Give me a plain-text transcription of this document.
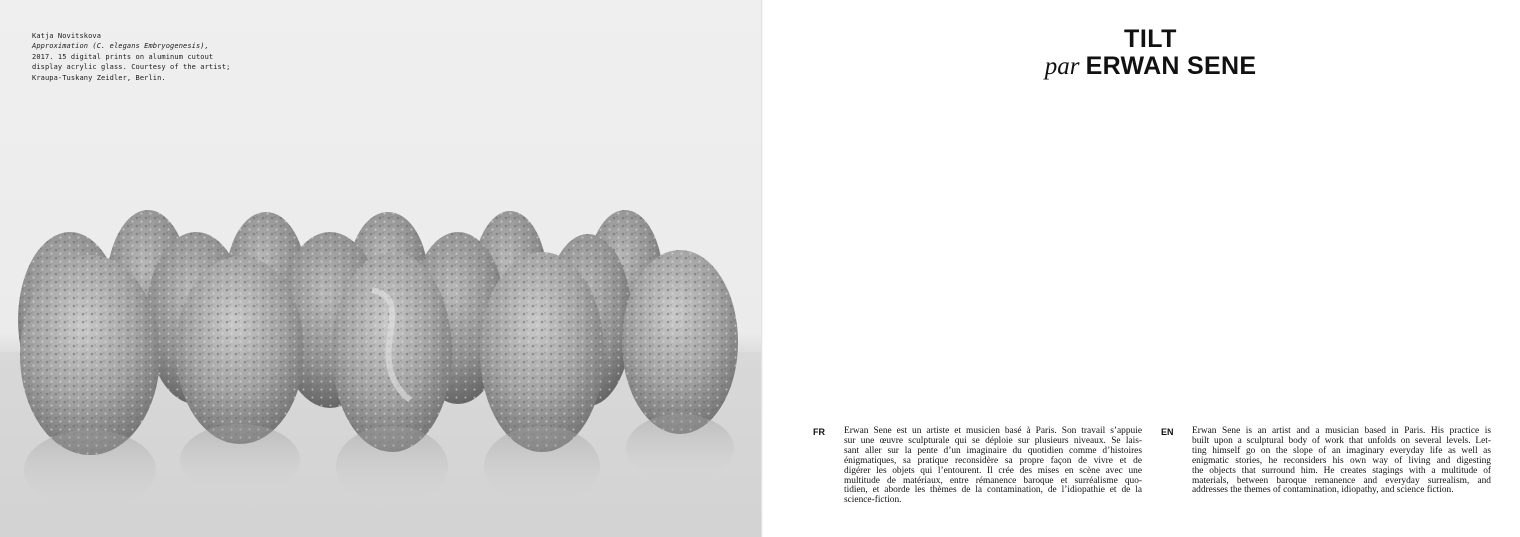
Katja Novitskova
Approximation (C. elegans Embryogenesis),
2017. 15 digital prints on aluminum cutout
display acrylic glass. Courtesy of the artist;
Kraupa-Tuskany Zeidler, Berlin.
TILT
par ERWAN SENE
FR Erwan Sene est un artiste et musicien basé à Paris. Son travail s’appuie
sur une œuvre sculpturale qui se déploie sur plusieurs niveaux. Se lais-
sant aller sur la pente d’un imaginaire du quotidien comme d’histoires
énigmatiques, sa pratique reconsidère sa propre façon de vivre et de
digérer les objets qui l’entourent. Il crée des mises en scène avec une
multitude de matériaux, entre rémanence baroque et surréalisme quo-
tidien, et aborde les thèmes de la contamination, de l’idiopathie et de la
science-fiction.
EN Erwan Sene is an artist and a musician based in Paris. His practice is
built upon a sculptural body of work that unfolds on several levels. Let-
ting himself go on the slope of an imaginary everyday life as well as
enigmatic stories, he reconsiders his own way of living and digesting
the objects that surround him. He creates stagings with a multitude of
materials, between baroque remanence and everyday surrealism, and
addresses the themes of contamination, idiopathy, and science fiction.
